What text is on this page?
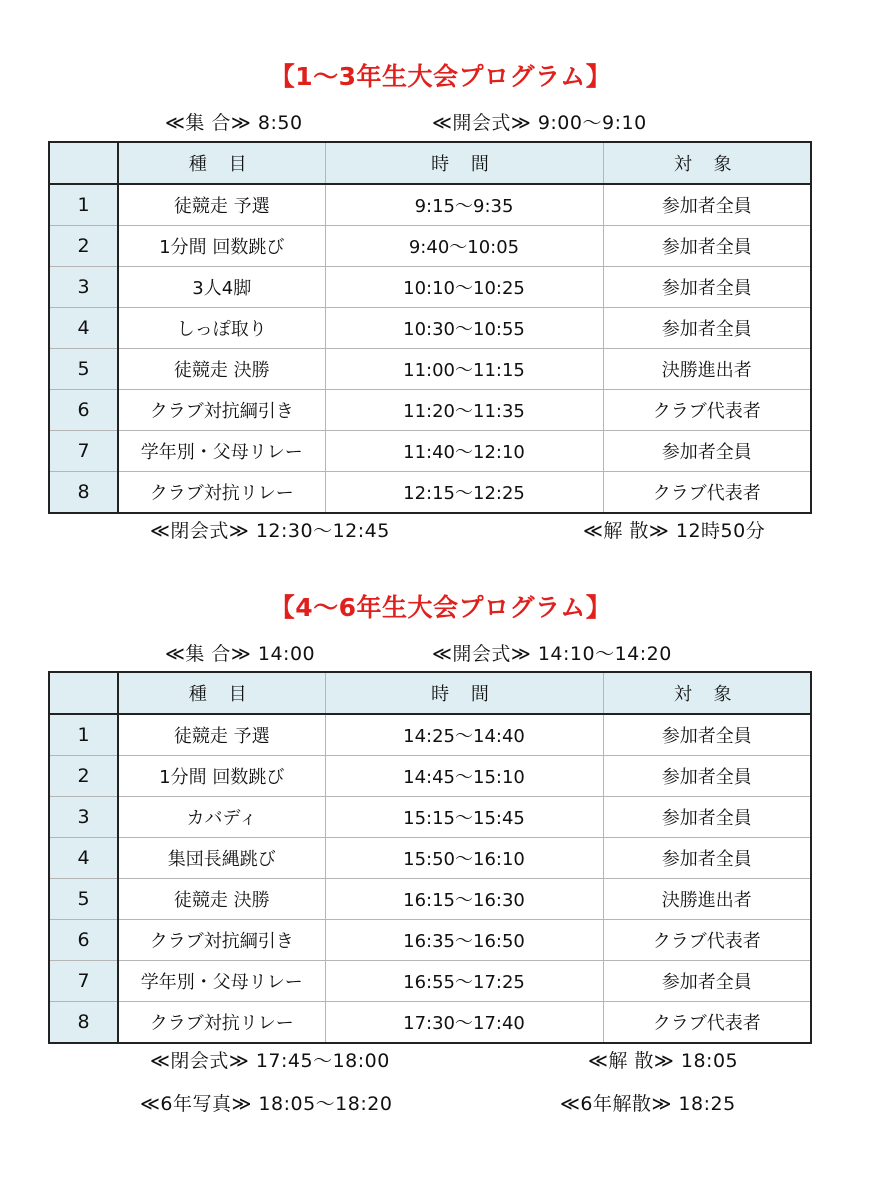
【1～3年生大会プログラム】
≪集 合≫ 8:50	≪開会式≫ 9:00～9:10
	種 目	時 間	対 象
1	徒競走 予選	9:15～9:35	参加者全員
2	1分間 回数跳び	9:40～10:05	参加者全員
3	3人4脚	10:10～10:25	参加者全員
4	しっぽ取り	10:30～10:55	参加者全員
5	徒競走 決勝	11:00～11:15	決勝進出者
6	クラブ対抗綱引き	11:20～11:35	クラブ代表者
7	学年別・父母リレー	11:40～12:10	参加者全員
8	クラブ対抗リレー	12:15～12:25	クラブ代表者
≪閉会式≫ 12:30～12:45	≪解 散≫ 12時50分
【4～6年生大会プログラム】
≪集 合≫ 14:00	≪開会式≫ 14:10～14:20
	種 目	時 間	対 象
1	徒競走 予選	14:25～14:40	参加者全員
2	1分間 回数跳び	14:45～15:10	参加者全員
3	カバディ	15:15～15:45	参加者全員
4	集団長縄跳び	15:50～16:10	参加者全員
5	徒競走 決勝	16:15～16:30	決勝進出者
6	クラブ対抗綱引き	16:35～16:50	クラブ代表者
7	学年別・父母リレー	16:55～17:25	参加者全員
8	クラブ対抗リレー	17:30～17:40	クラブ代表者
≪閉会式≫ 17:45～18:00	≪解 散≫ 18:05
≪6年写真≫ 18:05～18:20	≪6年解散≫ 18:25
